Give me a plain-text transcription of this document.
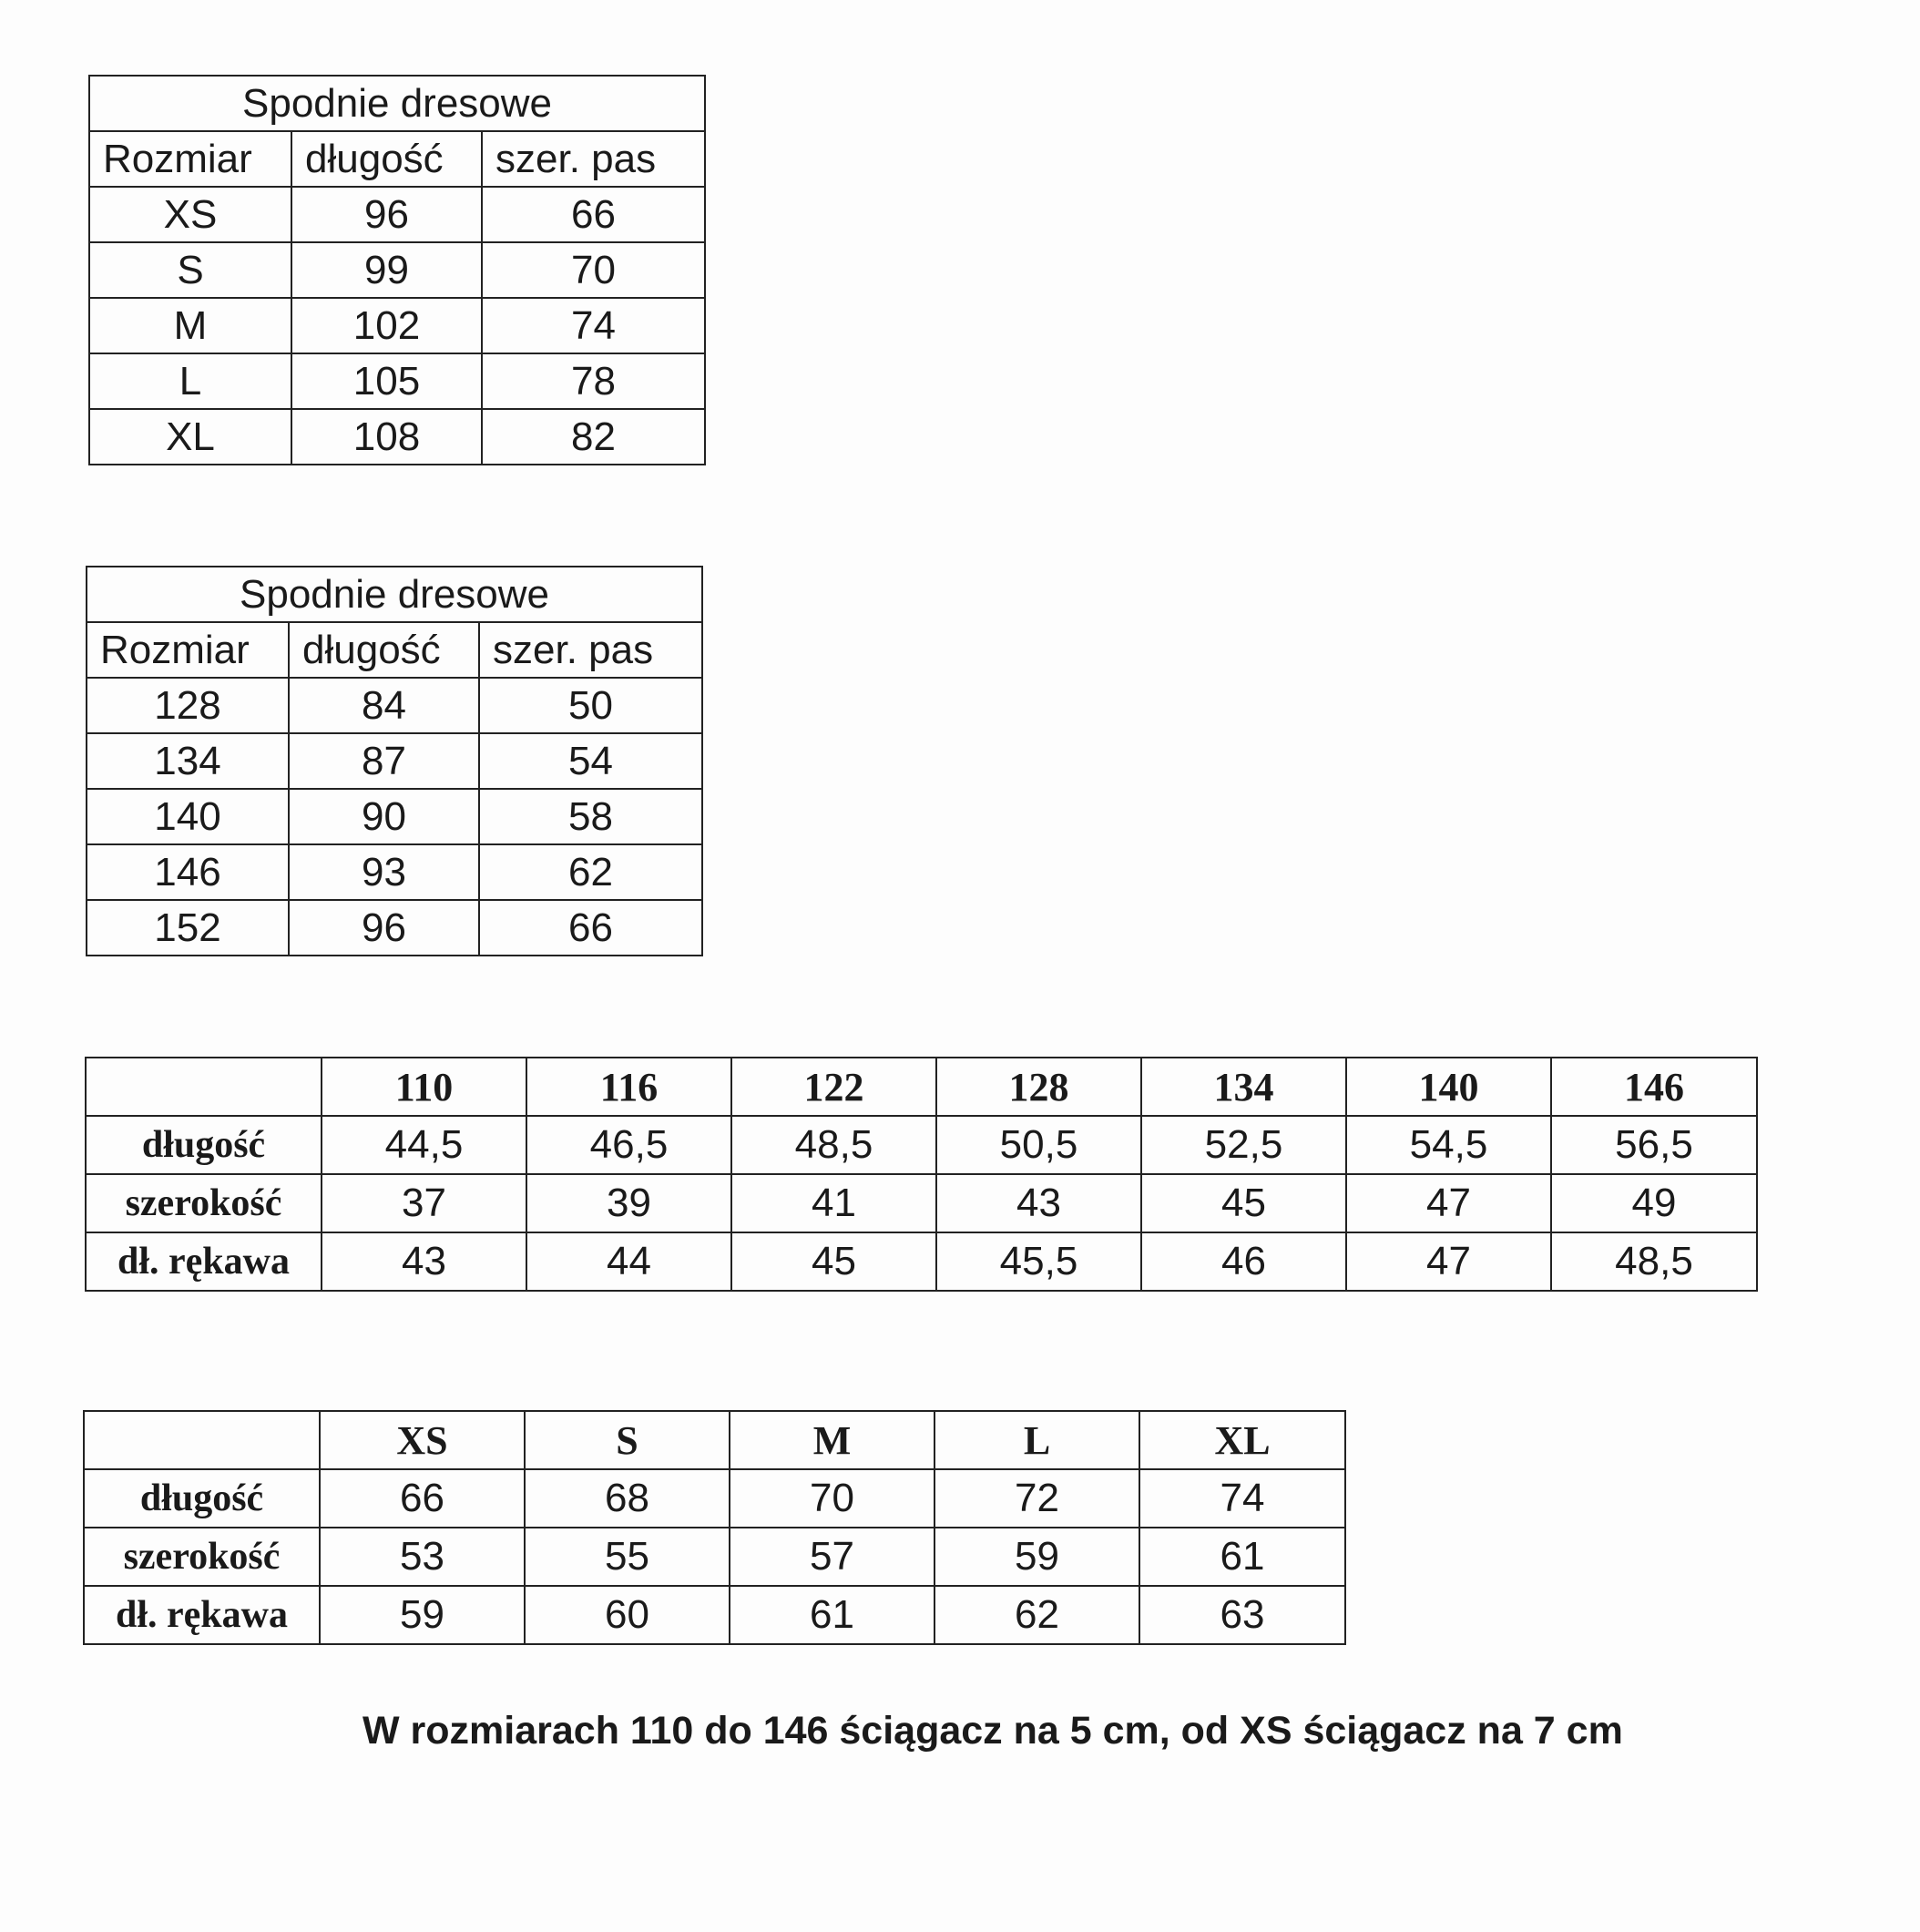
Spodnie dresowe		
Rozmiar	długość	szer. pas
XS	96	66
S	99	70
M	102	74
L	105	78
XL	108	82
Spodnie dresowe		
Rozmiar	długość	szer. pas
128	84	50
134	87	54
140	90	58
146	93	62
152	96	66
	110	116	122	128	134	140	146
długość	44,5	46,5	48,5	50,5	52,5	54,5	56,5
szerokość	37	39	41	43	45	47	49
dł. rękawa	43	44	45	45,5	46	47	48,5
	XS	S	M	L	XL
długość	66	68	70	72	74
szerokość	53	55	57	59	61
dł. rękawa	59	60	61	62	63
W rozmiarach 110 do 146 ściągacz na 5 cm, od XS ściągacz na 7 cm
